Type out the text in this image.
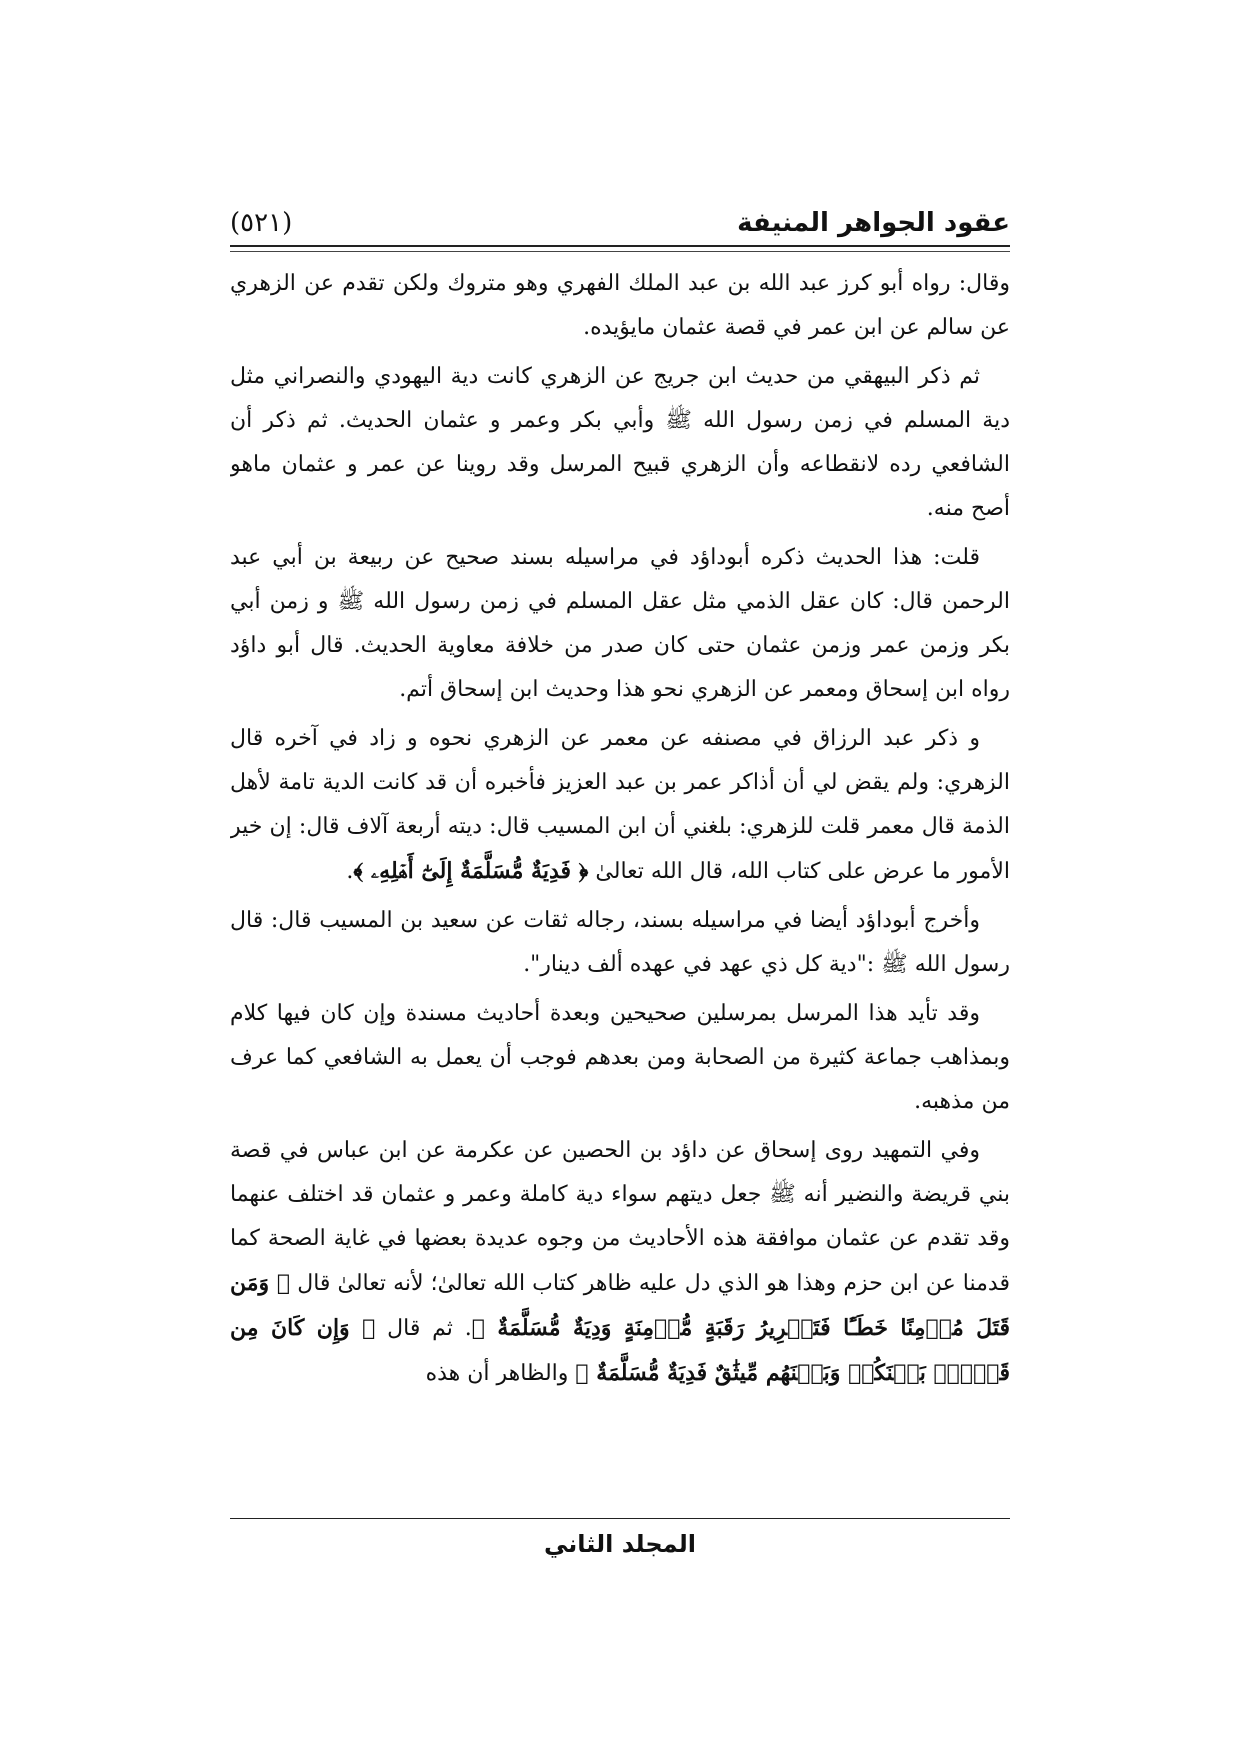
عقود الجواهر المنيفة
(٥٢١)

وقال: رواه أبو كرز عبد الله بن عبد الملك الفهري وهو متروك ولكن تقدم عن الزهري عن سالم عن ابن عمر في قصة عثمان مايؤيده.

ثم ذكر البيهقي من حديث ابن جريج عن الزهري كانت دية اليهودي والنصراني مثل دية المسلم في زمن رسول الله ﷺ وأبي بكر وعمر و عثمان الحديث. ثم ذكر أن الشافعي رده لانقطاعه وأن الزهري قبيح المرسل وقد روينا عن عمر و عثمان ماهو أصح منه.

قلت: هذا الحديث ذكره أبوداؤد في مراسيله بسند صحيح عن ربيعة بن أبي عبد الرحمن قال: كان عقل الذمي مثل عقل المسلم في زمن رسول الله ﷺ و زمن أبي بكر وزمن عمر وزمن عثمان حتى كان صدر من خلافة معاوية الحديث. قال أبو داؤد رواه ابن إسحاق ومعمر عن الزهري نحو هذا وحديث ابن إسحاق أتم.

و ذكر عبد الرزاق في مصنفه عن معمر عن الزهري نحوه و زاد في آخره قال الزهري: ولم يقض لي أن أذاكر عمر بن عبد العزيز فأخبره أن قد كانت الدية تامة لأهل الذمة قال معمر قلت للزهري: بلغني أن ابن المسيب قال: ديته أربعة آلاف قال: إن خير الأمور ما عرض على كتاب الله، قال الله تعالىٰ ﴿ فَدِيَةٌ مُّسَلَّمَةٌ إِلَىٰٓ أَهۡلِهِۦ ﴾.

وأخرج أبوداؤد أيضا في مراسيله بسند، رجاله ثقات عن سعيد بن المسيب قال: قال رسول الله ﷺ :"دية كل ذي عهد في عهده ألف دينار".

وقد تأيد هذا المرسل بمرسلين صحيحين وبعدة أحاديث مسندة وإن كان فيها كلام وبمذاهب جماعة كثيرة من الصحابة ومن بعدهم فوجب أن يعمل به الشافعي كما عرف من مذهبه.

وفي التمهيد روى إسحاق عن داؤد بن الحصين عن عكرمة عن ابن عباس في قصة بني قريضة والنضير أنه ﷺ جعل ديتهم سواء دية كاملة وعمر و عثمان قد اختلف عنهما وقد تقدم عن عثمان موافقة هذه الأحاديث من وجوه عديدة بعضها في غاية الصحة كما قدمنا عن ابن حزم وهذا هو الذي دل عليه ظاهر كتاب الله تعالىٰ؛ لأنه تعالىٰ قال ﴿ وَمَن قَتَلَ مُؤۡمِنًا خَطَـًٔا فَتَحۡرِيرُ رَقَبَةٍ مُّؤۡمِنَةٍ وَدِيَةٌ مُّسَلَّمَةٌ ﴾. ثم قال ﴿ وَإِن كَانَ مِن قَوۡمِۭ بَيۡنَكُمۡ وَبَيۡنَهُم مِّيثَٰقٌ فَدِيَةٌ مُّسَلَّمَةٌ ﴾ والظاهر أن هذه

المجلد الثاني
